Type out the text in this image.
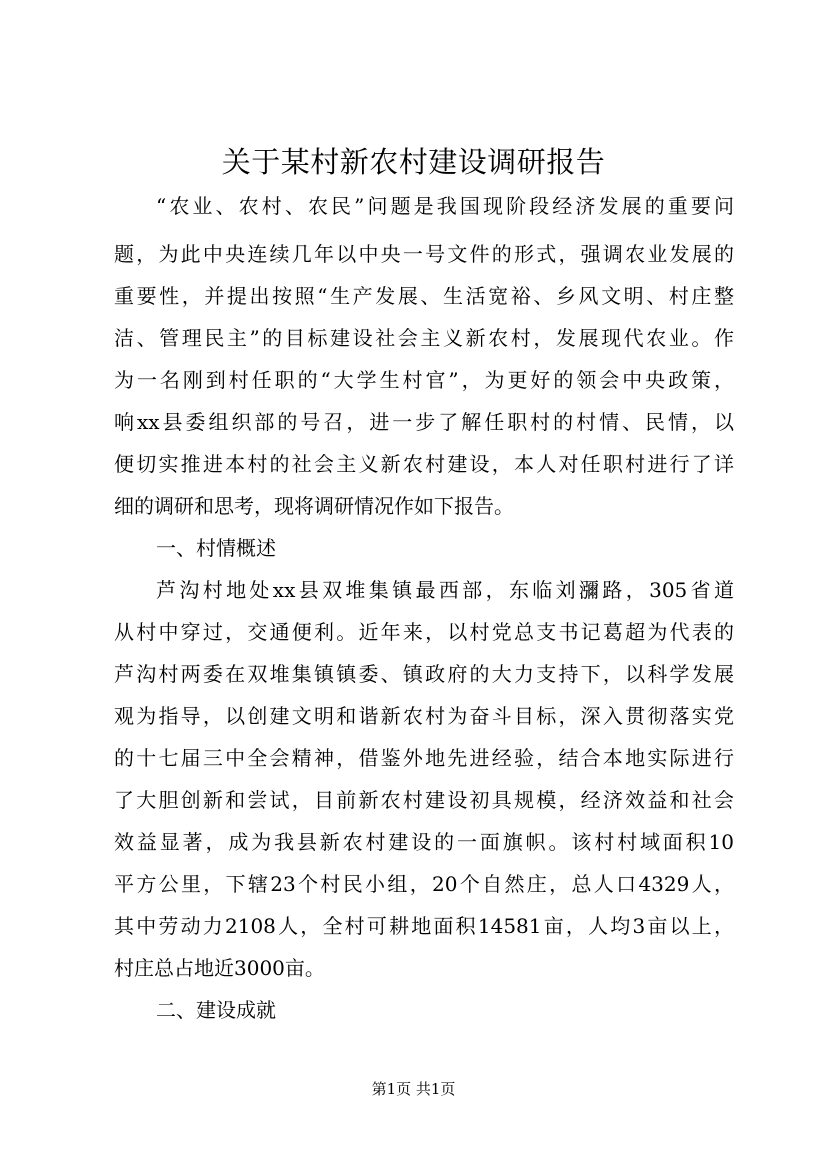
关于某村新农村建设调研报告

“农业、农村、农民”问题是我国现阶段经济发展的重要问

题，为此中央连续几年以中央一号文件的形式，强调农业发展的

重要性，并提出按照“生产发展、生活宽裕、乡风文明、村庄整

洁、管理民主”的目标建设社会主义新农村，发展现代农业。作

为一名刚到村任职的“大学生村官”，为更好的领会中央政策，

响xx县委组织部的号召，进一步了解任职村的村情、民情，以

便切实推进本村的社会主义新农村建设，本人对任职村进行了详

细的调研和思考，现将调研情况作如下报告。

一、村情概述

芦沟村地处xx县双堆集镇最西部，东临刘瀰路，305省道

从村中穿过，交通便利。近年来，以村党总支书记葛超为代表的

芦沟村两委在双堆集镇镇委、镇政府的大力支持下，以科学发展

观为指导，以创建文明和谐新农村为奋斗目标，深入贯彻落实党

的十七届三中全会精神，借鉴外地先进经验，结合本地实际进行

了大胆创新和尝试，目前新农村建设初具规模，经济效益和社会

效益显著，成为我县新农村建设的一面旗帜。该村村域面积10

平方公里，下辖23个村民小组，20个自然庄，总人口4329人，

其中劳动力2108人，全村可耕地面积14581亩，人均3亩以上，

村庄总占地近3000亩。

二、建设成就

第1页 共1页
